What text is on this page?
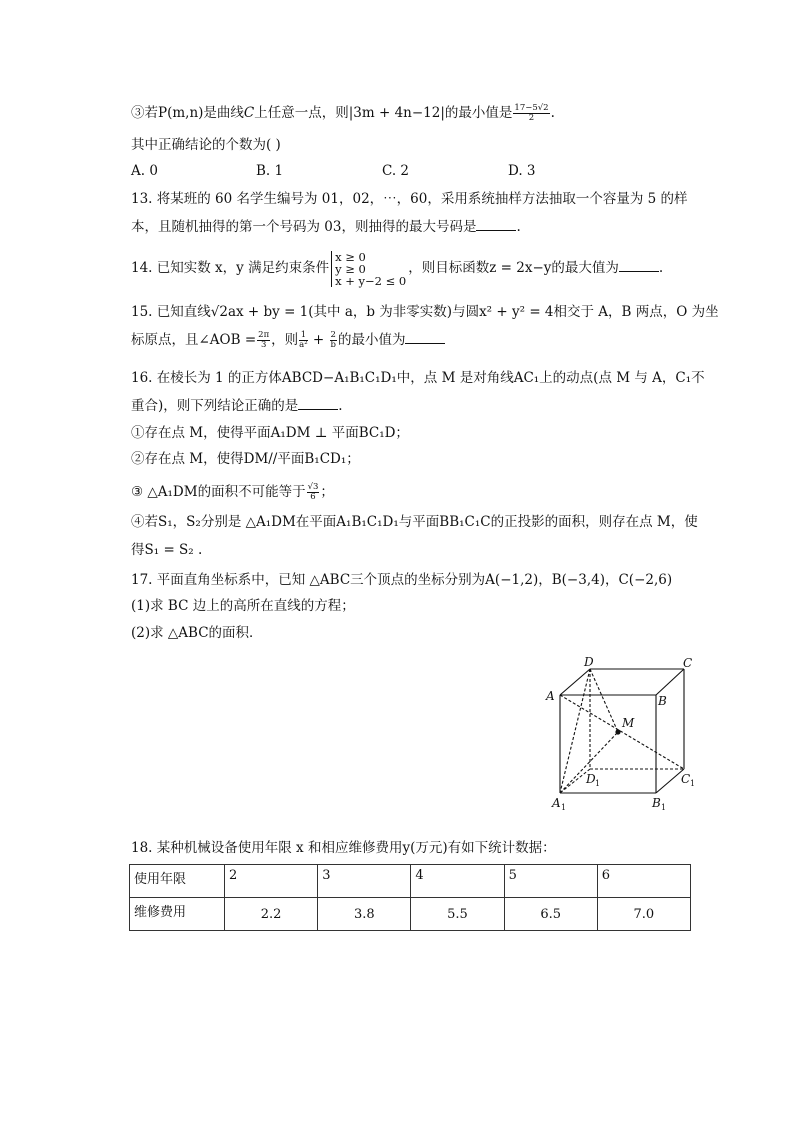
③若P(m,n)是曲线C上任意一点，则|3m + 4n−12|的最小值是 $\frac{17-5√2}{2}$ .
其中正确结论的个数为( )
A. 0	B. 1	C. 2	D. 3
13. 将某班的 60 名学生编号为 01，02，⋯，60，采用系统抽样方法抽取一个容量为 5 的样
本，且随机抽得的第一个号码为 03，则抽得的最大号码是	.
14. 已知实数 x，y 满足约束条件
x ≥ 0
y ≥ 0
x + y−2 ≤ 0
，则目标函数z = 2x−y的最大值为	.
15. 已知直线√2ax + by = 1(其中 a，b 为非零实数)与圆x² + y² = 4相交于 A，B 两点，O 为坐
标原点，且∠AOB = $\frac{2\pi}{3}$ ，则 $\frac{1}{\text{a²}} + \frac{2}{b}$ 的最小值为
16. 在棱长为 1 的正方体ABCD−A₁B₁C₁D₁中，点 M 是对角线AC₁上的动点(点 M 与 A，C₁不
重合)，则下列结论正确的是	.
①存在点 M，使得平面A₁DM ⊥ 平面BC₁D；
②存在点 M，使得DM//平面B₁CD₁；
③ △A₁DM的面积不可能等于 $\frac{√3}{6}$ ；
④若S₁，S₂分别是 △A₁DM在平面A₁B₁C₁D₁与平面BB₁C₁C的正投影的面积，则存在点 M，使
得S₁ = S₂ .
17. 平面直角坐标系中，已知 △ABC三个顶点的坐标分别为A(−1,2)，B(−3,4)，C(−2,6)
(1)求 BC 边上的高所在直线的方程；
(2)求 △ABC的面积．
D	C
A	B
M
D 1	C 1
A 1	B 1
18. 某种机械设备使用年限 x 和相应维修费用y(万元)有如下统计数据：
使用年限	2	3	4	5	6
维修费用	2.2	3.8	5.5	6.5	7.0
